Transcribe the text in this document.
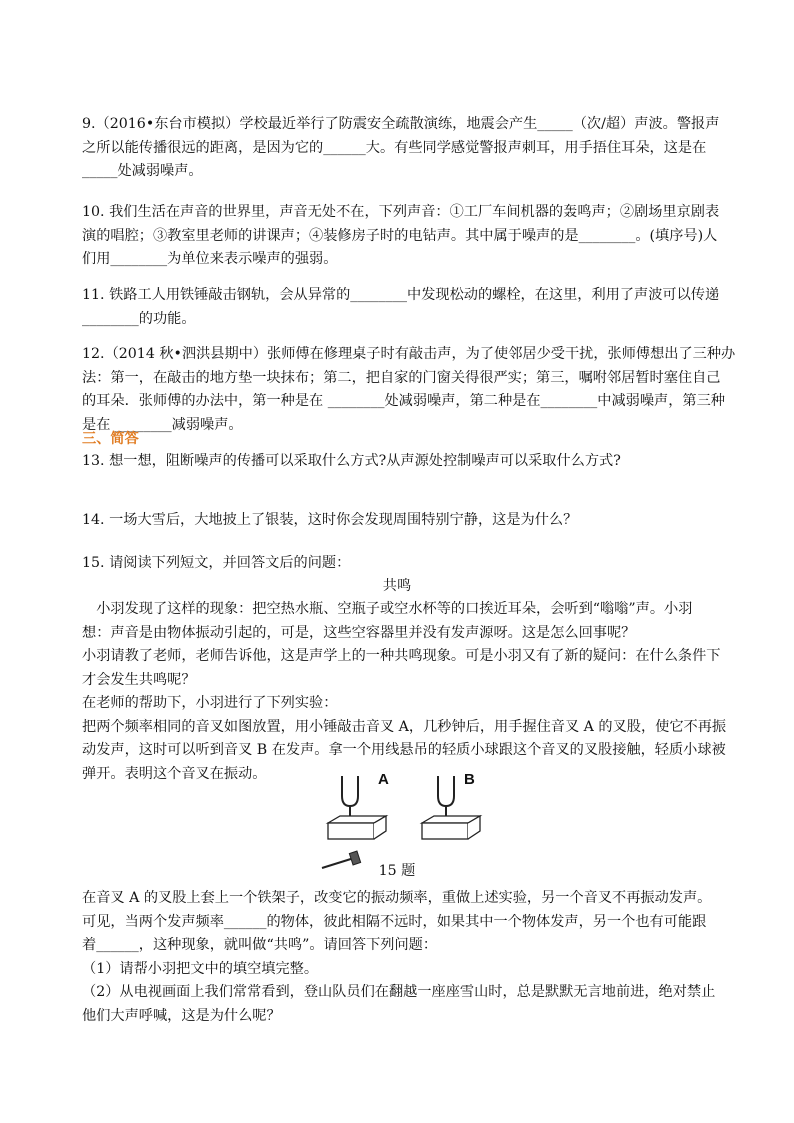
9.（2016•东台市模拟）学校最近举行了防震安全疏散演练，地震会产生_____（次/超）声波。警报声
之所以能传播很远的距离，是因为它的______大。有些同学感觉警报声刺耳，用手捂住耳朵，这是在
_____处减弱噪声。
10. 我们生活在声音的世界里，声音无处不在，下列声音：①工厂车间机器的轰鸣声；②剧场里京剧表
演的唱腔；③教室里老师的讲课声；④装修房子时的电钻声。其中属于噪声的是________。(填序号)人
们用________为单位来表示噪声的强弱。
11. 铁路工人用铁锤敲击钢轨，会从异常的________中发现松动的螺栓，在这里，利用了声波可以传递
________的功能。
12.（2014 秋•泗洪县期中）张师傅在修理桌子时有敲击声，为了使邻居少受干扰，张师傅想出了三种办
法：第一，在敲击的地方垫一块抹布；第二，把自家的门窗关得很严实；第三，嘱咐邻居暂时塞住自己
的耳朵．张师傅的办法中，第一种是在 ________处减弱噪声，第二种是在________中减弱噪声，第三种
是在 ________减弱噪声。
三、简答
13. 想一想，阻断噪声的传播可以采取什么方式?从声源处控制噪声可以采取什么方式?
14. 一场大雪后，大地披上了银装，这时你会发现周围特别宁静，这是为什么？
15. 请阅读下列短文，并回答文后的问题：
共鸣
　小羽发现了这样的现象：把空热水瓶、空瓶子或空水杯等的口挨近耳朵，会听到“嗡嗡”声。小羽
想：声音是由物体振动引起的，可是，这些空容器里并没有发声源呀。这是怎么回事呢？
小羽请教了老师，老师告诉他，这是声学上的一种共鸣现象。可是小羽又有了新的疑问：在什么条件下
才会发生共鸣呢？
在老师的帮助下，小羽进行了下列实验：
把两个频率相同的音叉如图放置，用小锤敲击音叉 A，几秒钟后，用手握住音叉 A 的叉股，使它不再振
动发声，这时可以听到音叉 B 在发声。拿一个用线悬吊的轻质小球跟这个音叉的叉股接触，轻质小球被
弹开。表明这个音叉在振动。	A	B
15 题
在音叉 A 的叉股上套上一个铁架子，改变它的振动频率，重做上述实验，另一个音叉不再振动发声。
可见，当两个发声频率______的物体，彼此相隔不远时，如果其中一个物体发声，另一个也有可能跟
着______，这种现象，就叫做“共鸣”。请回答下列问题：
（1）请帮小羽把文中的填空填完整。
（2）从电视画面上我们常常看到，登山队员们在翻越一座座雪山时，总是默默无言地前进，绝对禁止
他们大声呼喊，这是为什么呢？
